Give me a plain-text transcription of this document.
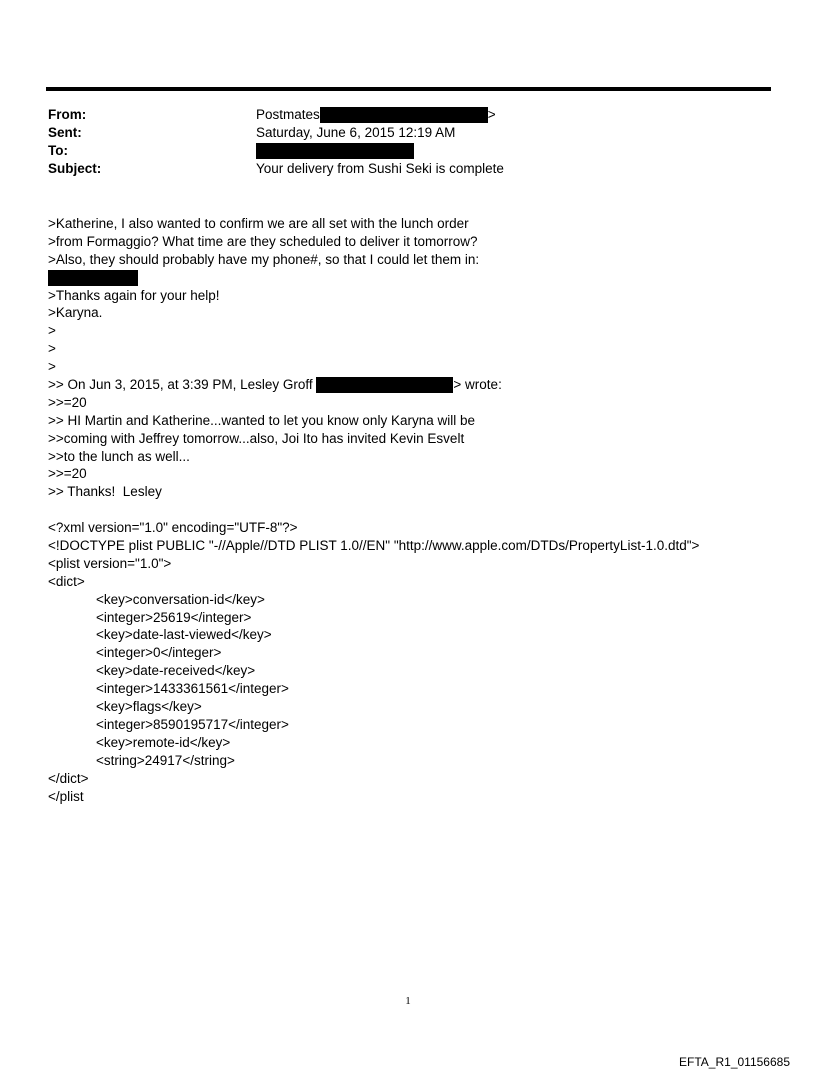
From:	Postmates	>
Sent:	Saturday, June 6, 2015 12:19 AM
To:
Subject:	Your delivery from Sushi Seki is complete
>Katherine, I also wanted to confirm we are all set with the lunch order
>from Formaggio? What time are they scheduled to deliver it tomorrow?
>Also, they should probably have my phone#, so that I could let them in:
>Thanks again for your help!
>Karyna.
>
>
>
>> On Jun 3, 2015, at 3:39 PM, Lesley Groff	> wrote:
>>=20
>> HI Martin and Katherine...wanted to let you know only Karyna will be
>>coming with Jeffrey tomorrow...also, Joi Ito has invited Kevin Esvelt
>>to the lunch as well...
>>=20
>> Thanks!  Lesley
<?xml version="1.0" encoding="UTF-8"?>
<!DOCTYPE plist PUBLIC "-//Apple//DTD PLIST 1.0//EN" "http://www.apple.com/DTDs/PropertyList-1.0.dtd">
<plist version="1.0">
<dict>
<key>conversation-id</key>
<integer>25619</integer>
<key>date-last-viewed</key>
<integer>0</integer>
<key>date-received</key>
<integer>1433361561</integer>
<key>flags</key>
<integer>8590195717</integer>
<key>remote-id</key>
<string>24917</string>
</dict>
</plist
1
EFTA_R1_01156685
